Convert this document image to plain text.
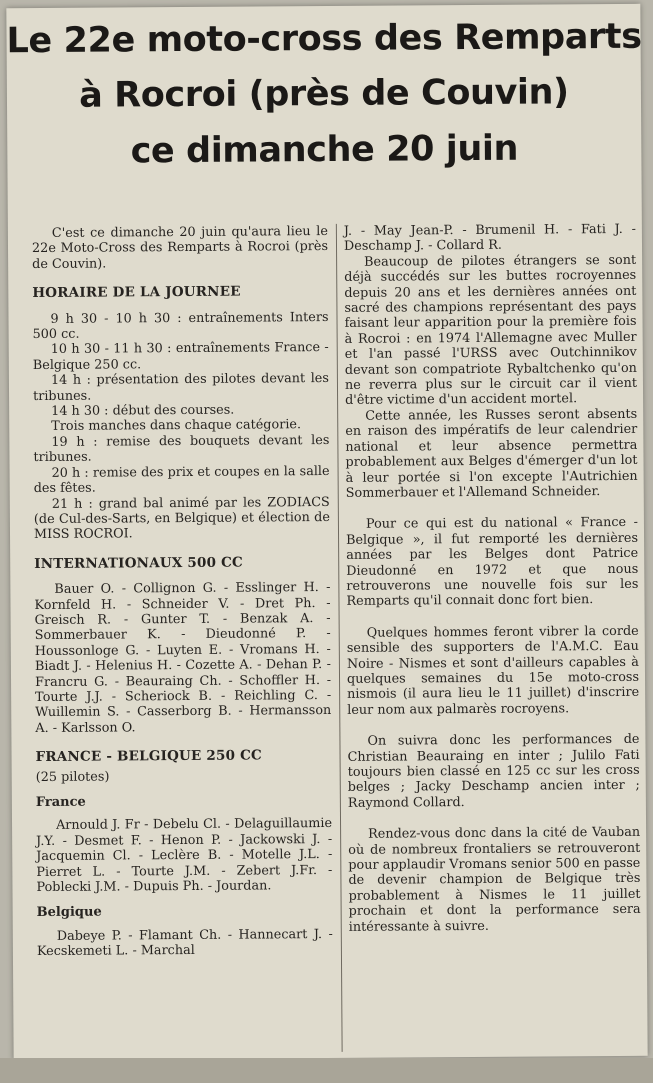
Le 22e moto-cross des Remparts
à Rocroi (près de Couvin)
ce dimanche 20 juin

C'est ce dimanche 20 juin qu'aura lieu le 22e Moto-Cross des Remparts à Rocroi (près de Couvin).

HORAIRE DE LA JOURNEE

9 h 30 - 10 h 30 : entraînements Inters 500 cc.

10 h 30 - 11 h 30 : entraînements France - Belgique 250 cc.

14 h : présentation des pilotes devant les tribunes.

14 h 30 : début des courses.

Trois manches dans chaque catégorie.

19 h : remise des bouquets devant les tribunes.

20 h : remise des prix et coupes en la salle des fêtes.

21 h : grand bal animé par les ZODIACS (de Cul-des-Sarts, en Belgique) et élection de MISS ROCROI.

INTERNATIONAUX 500 CC

Bauer O. - Collignon G. - Esslinger H. - Kornfeld H. - Schneider V. - Dret Ph. - Greisch R. - Gunter T. - Benzak A. - Sommerbauer K. - Dieudonné P. - Houssonloge G. - Luyten E. - Vromans H. - Biadt J. - Helenius H. - Cozette A. - Dehan P. - Francru G. - Beauraing Ch. - Schoffler H. - Tourte J.J. - Scheriock B. - Reichling C. - Wuillemin S. - Casserborg B. - Hermansson A. - Karlsson O.

FRANCE - BELGIQUE 250 CC

(25 pilotes)

France

Arnould J. Fr - Debelu Cl. - Delaguillaumie J.Y. - Desmet F. - Henon P. - Jackowski J. - Jacquemin Cl. - Leclère B. - Motelle J.L. - Pierret L. - Tourte J.M. - Zebert J.Fr. - Poblecki J.M. - Dupuis Ph. - Jourdan.

Belgique

Dabeye P. - Flamant Ch. - Hannecart J. - Kecskemeti L. - Marchal

J. - May Jean-P. - Brumenil H. - Fati J. - Deschamp J. - Collard R.

Beaucoup de pilotes étrangers se sont déjà succédés sur les buttes rocroyennes depuis 20 ans et les dernières années ont sacré des champions représentant des pays faisant leur apparition pour la première fois à Rocroi : en 1974 l'Allemagne avec Muller et l'an passé l'URSS avec Outchinnikov devant son compatriote Rybaltchenko qu'on ne reverra plus sur le circuit car il vient d'être victime d'un accident mortel.

Cette année, les Russes seront absents en raison des impératifs de leur calendrier national et leur absence permettra probablement aux Belges d'émerger d'un lot à leur portée si l'on excepte l'Autrichien Sommerbauer et l'Allemand Schneider.

Pour ce qui est du national « France - Belgique », il fut remporté les dernières années par les Belges dont Patrice Dieudonné en 1972 et que nous retrouverons une nouvelle fois sur les Remparts qu'il connait donc fort bien.

Quelques hommes feront vibrer la corde sensible des supporters de l'A.M.C. Eau Noire - Nismes et sont d'ailleurs capables à quelques semaines du 15e moto-cross nismois (il aura lieu le 11 juillet) d'inscrire leur nom aux palmarès rocroyens.

On suivra donc les performances de Christian Beauraing en inter ; Julilo Fati toujours bien classé en 125 cc sur les cross belges ; Jacky Deschamp ancien inter ; Raymond Collard.

Rendez-vous donc dans la cité de Vauban où de nombreux frontaliers se retrouveront pour applaudir Vromans senior 500 en passe de devenir champion de Belgique très probablement à Nismes le 11 juillet prochain et dont la performance sera intéressante à suivre.
